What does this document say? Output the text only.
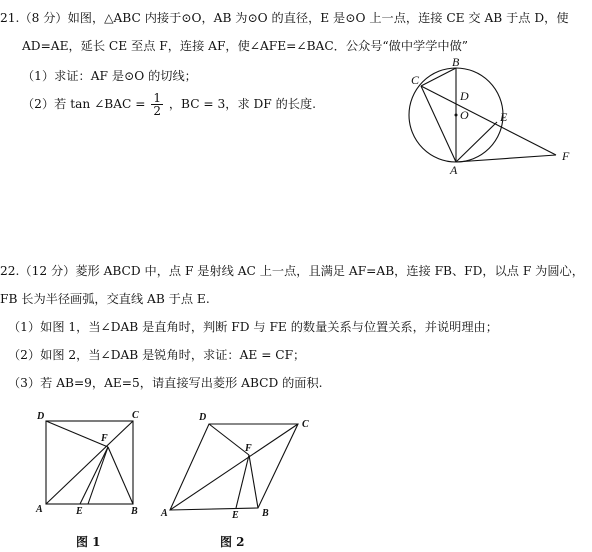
21.（8 分）如图，△ABC 内接于⊙O，AB 为⊙O 的直径，E 是⊙O 上一点，连接 CE 交 AB 于点 D，使
AD=AE，延长 CE 至点 F，连接 AF，使∠AFE=∠BAC．公众号“做中学学中做”
（1）求证：AF 是⊙O 的切线；
（2）若 tan ∠BAC = $\frac{1}{2}$ ，BC = 3，求 DF 的长度.
B
C
D
O	E
A
F
22.（12 分）菱形 ABCD 中，点 F 是射线 AC 上一点，且满足 AF=AB，连接 FB、FD，以点 F 为圆心，
FB 长为半径画弧，交直线 AB 于点 E.
（1）如图 1，当∠DAB 是直角时，判断 FD 与 FE 的数量关系与位置关系，并说明理由；
（2）如图 2，当∠DAB 是锐角时，求证：AE = CF；
（3）若 AB=9，AE=5，请直接写出菱形 ABCD 的面积.
D	C
F
A	E	B
图 1
D
C
F
A	E B
图 2
